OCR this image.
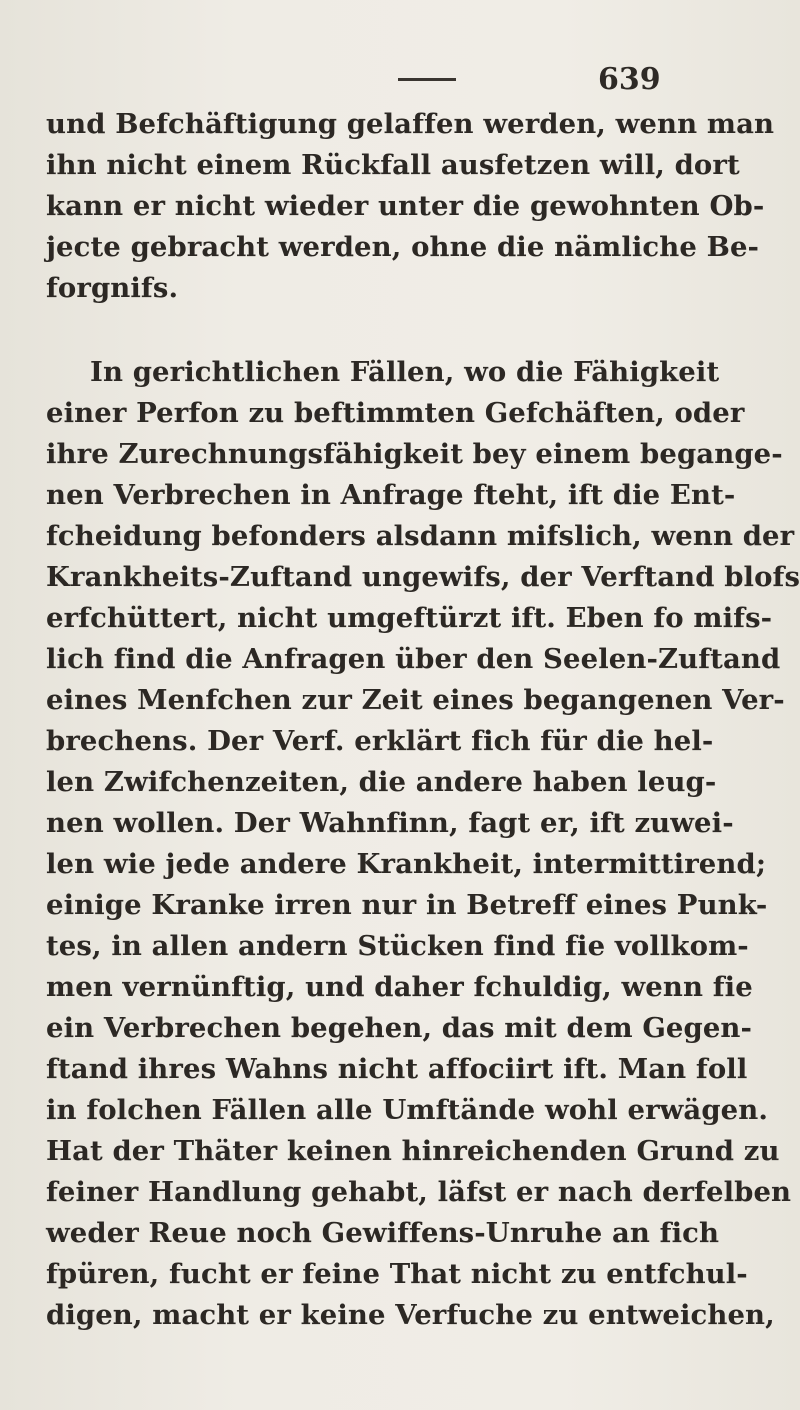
639
und Befchäftigung gelaffen werden, wenn man
ihn nicht einem Rückfall ausfetzen will, dort
kann er nicht wieder unter die gewohnten Ob-
jecte gebracht werden, ohne die nämliche Be-
forgnifs.
In gerichtlichen Fällen, wo die Fähigkeit
einer Perfon zu beftimmten Gefchäften, oder
ihre Zurechnungsfähigkeit bey einem begange-
nen Verbrechen in Anfrage fteht, ift die Ent-
fcheidung befonders alsdann mifslich, wenn der
Krankheits-Zuftand ungewifs, der Verftand blofs
erfchüttert, nicht umgeftürzt ift. Eben fo mifs-
lich find die Anfragen über den Seelen-Zuftand
eines Menfchen zur Zeit eines begangenen Ver-
brechens. Der Verf. erklärt fich für die hel-
len Zwifchenzeiten, die andere haben leug-
nen wollen. Der Wahnfinn, fagt er, ift zuwei-
len wie jede andere Krankheit, intermittirend;
einige Kranke irren nur in Betreff eines Punk-
tes, in allen andern Stücken find fie vollkom-
men vernünftig, und daher fchuldig, wenn fie
ein Verbrechen begehen, das mit dem Gegen-
ftand ihres Wahns nicht affociirt ift. Man foll
in folchen Fällen alle Umftände wohl erwägen.
Hat der Thäter keinen hinreichenden Grund zu
feiner Handlung gehabt, läfst er nach derfelben
weder Reue noch Gewiffens-Unruhe an fich
fpüren, fucht er feine That nicht zu entfchul-
digen, macht er keine Verfuche zu entweichen,
